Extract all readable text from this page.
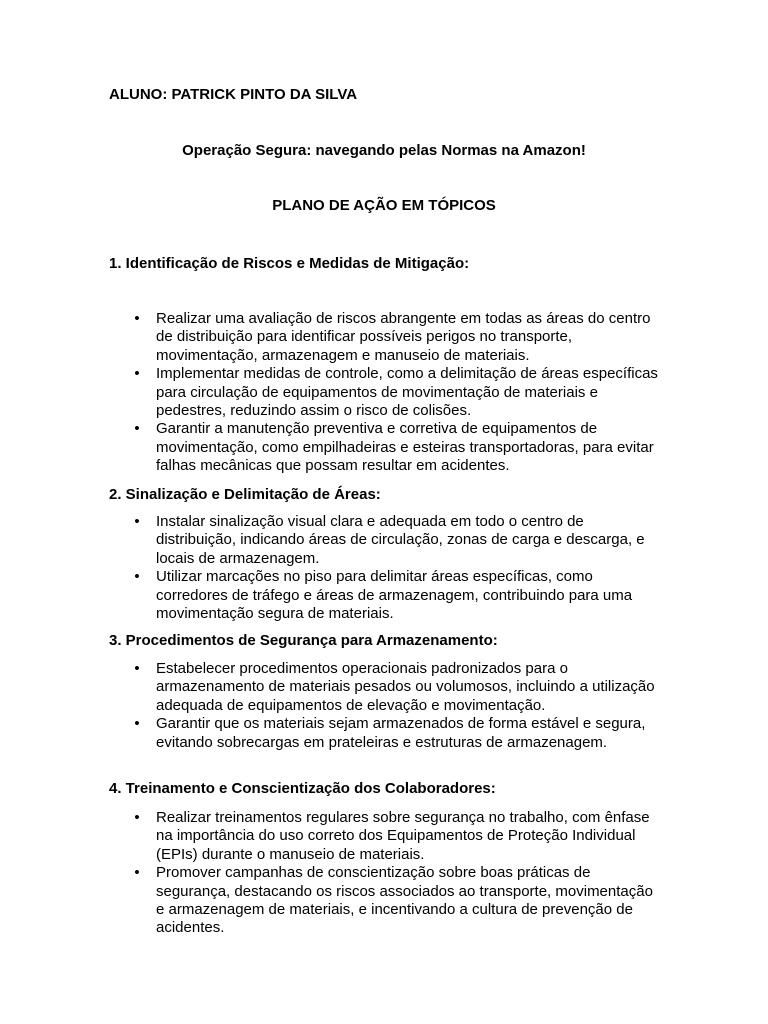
ALUNO: PATRICK PINTO DA SILVA
Operação Segura: navegando pelas Normas na Amazon!
PLANO DE AÇÃO EM TÓPICOS
1. Identificação de Riscos e Medidas de Mitigação:
• Realizar uma avaliação de riscos abrangente em todas as áreas do centro de distribuição para identificar possíveis perigos no transporte, movimentação, armazenagem e manuseio de materiais.
• Implementar medidas de controle, como a delimitação de áreas específicas para circulação de equipamentos de movimentação de materiais e pedestres, reduzindo assim o risco de colisões.
• Garantir a manutenção preventiva e corretiva de equipamentos de movimentação, como empilhadeiras e esteiras transportadoras, para evitar falhas mecânicas que possam resultar em acidentes.
2. Sinalização e Delimitação de Áreas:
• Instalar sinalização visual clara e adequada em todo o centro de distribuição, indicando áreas de circulação, zonas de carga e descarga, e locais de armazenagem.
• Utilizar marcações no piso para delimitar áreas específicas, como corredores de tráfego e áreas de armazenagem, contribuindo para uma movimentação segura de materiais.
3. Procedimentos de Segurança para Armazenamento:
• Estabelecer procedimentos operacionais padronizados para o armazenamento de materiais pesados ou volumosos, incluindo a utilização adequada de equipamentos de elevação e movimentação.
• Garantir que os materiais sejam armazenados de forma estável e segura, evitando sobrecargas em prateleiras e estruturas de armazenagem.
4. Treinamento e Conscientização dos Colaboradores:
• Realizar treinamentos regulares sobre segurança no trabalho, com ênfase na importância do uso correto dos Equipamentos de Proteção Individual (EPIs) durante o manuseio de materiais.
• Promover campanhas de conscientização sobre boas práticas de segurança, destacando os riscos associados ao transporte, movimentação e armazenagem de materiais, e incentivando a cultura de prevenção de acidentes.
